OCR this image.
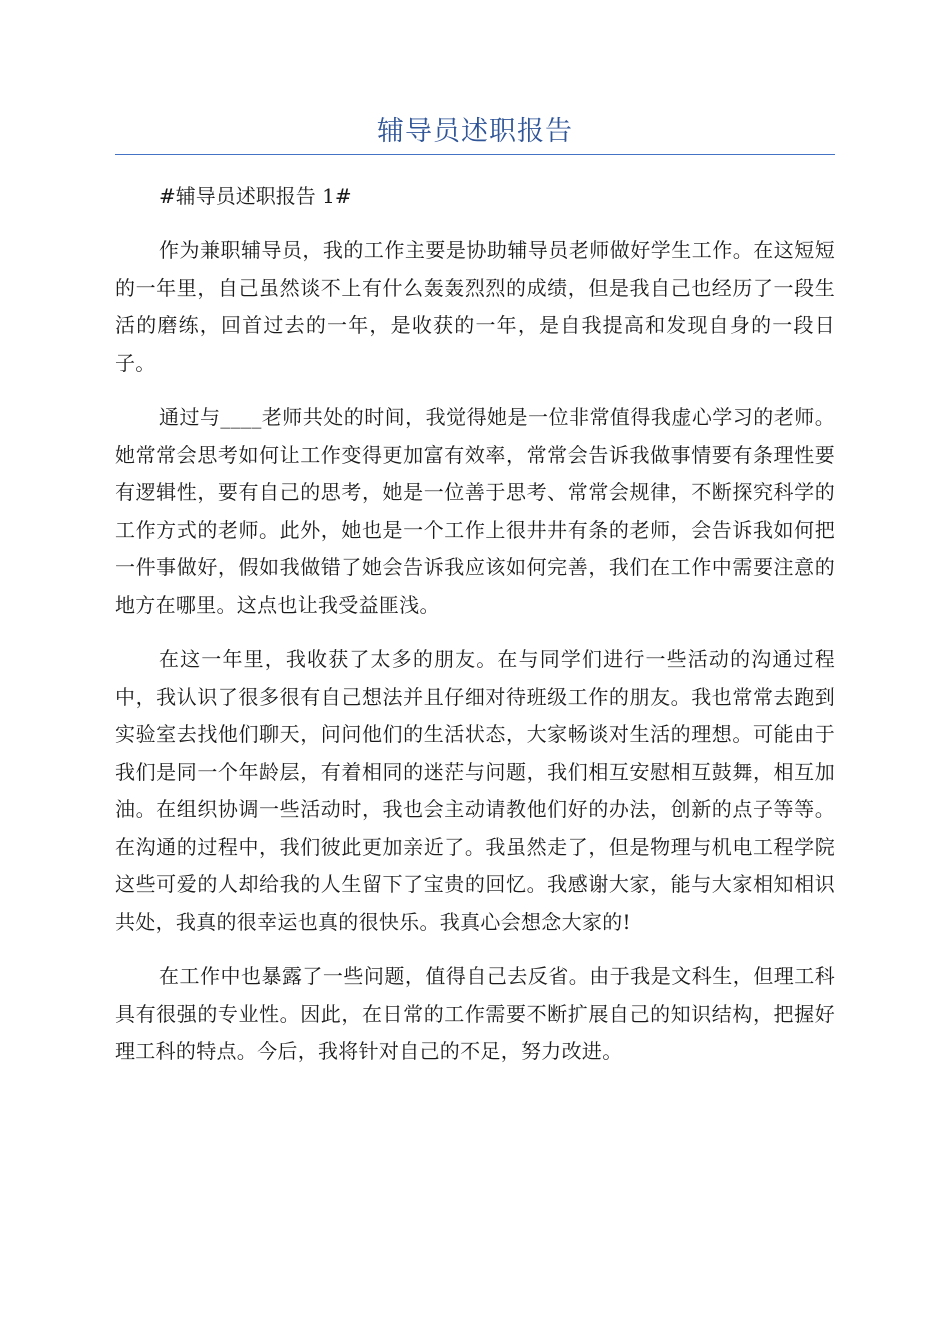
辅导员述职报告

#辅导员述职报告 1#

作为兼职辅导员，我的工作主要是协助辅导员老师做好学生工作。在这短短的一年里，自己虽然谈不上有什么轰轰烈烈的成绩，但是我自己也经历了一段生活的磨练，回首过去的一年，是收获的一年，是自我提高和发现自身的一段日子。

通过与____老师共处的时间，我觉得她是一位非常值得我虚心学习的老师。她常常会思考如何让工作变得更加富有效率，常常会告诉我做事情要有条理性要有逻辑性，要有自己的思考，她是一位善于思考、常常会规律，不断探究科学的工作方式的老师。此外，她也是一个工作上很井井有条的老师，会告诉我如何把一件事做好，假如我做错了她会告诉我应该如何完善，我们在工作中需要注意的地方在哪里。这点也让我受益匪浅。

在这一年里，我收获了太多的朋友。在与同学们进行一些活动的沟通过程中，我认识了很多很有自己想法并且仔细对待班级工作的朋友。我也常常去跑到实验室去找他们聊天，问问他们的生活状态，大家畅谈对生活的理想。可能由于我们是同一个年龄层，有着相同的迷茫与问题，我们相互安慰相互鼓舞，相互加油。在组织协调一些活动时，我也会主动请教他们好的办法，创新的点子等等。在沟通的过程中，我们彼此更加亲近了。我虽然走了，但是物理与机电工程学院这些可爱的人却给我的人生留下了宝贵的回忆。我感谢大家，能与大家相知相识共处，我真的很幸运也真的很快乐。我真心会想念大家的!

在工作中也暴露了一些问题，值得自己去反省。由于我是文科生，但理工科具有很强的专业性。因此，在日常的工作需要不断扩展自己的知识结构，把握好理工科的特点。今后，我将针对自己的不足，努力改进。
